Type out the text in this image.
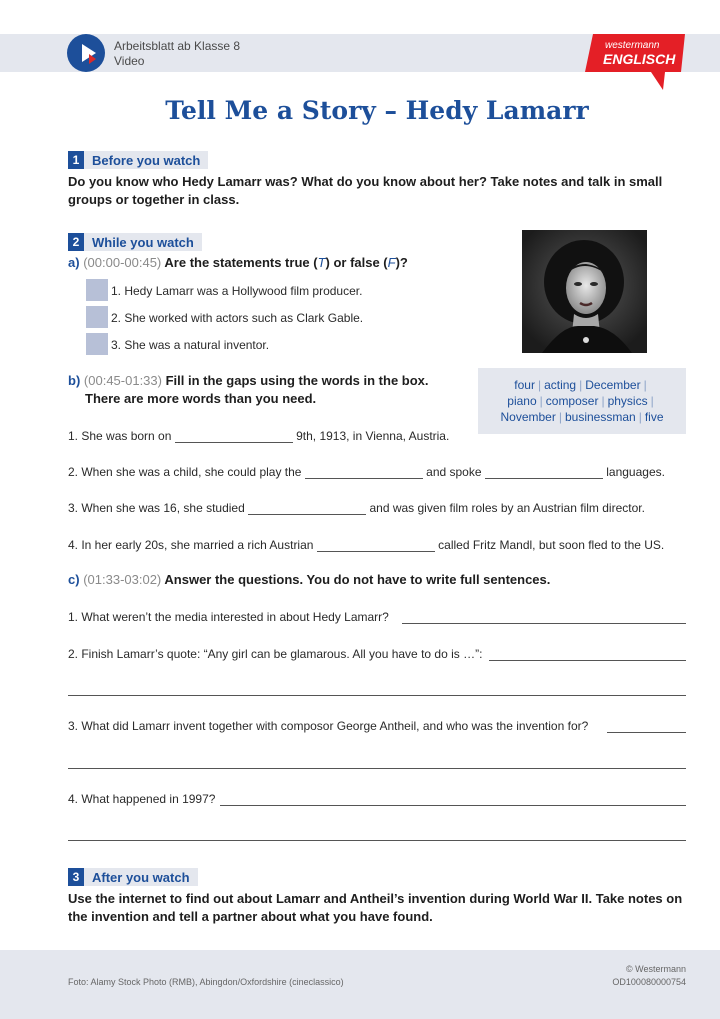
Arbeitsblatt ab Klasse 8
Video
westermann
ENGLISCH
Tell Me a Story – Hedy Lamarr
1 Before you watch
Do you know who Hedy Lamarr was? What do you know about her? Take notes and talk in small groups or together in class.
2 While you watch
a) (00:00-00:45) Are the statements true (T) or false (F)?
1. Hedy Lamarr was a Hollywood film producer.
2. She worked with actors such as Clark Gable.
3. She was a natural inventor.
b) (00:45-01:33) Fill in the gaps using the words in the box.
There are more words than you need.
four | acting | December |
piano | composer | physics |
November | businessman | five
1. She was born on	9th, 1913, in Vienna, Austria.
2. When she was a child, she could play the	and spoke	languages.
3. When she was 16, she studied	and was given film roles by an Austrian film director.
4. In her early 20s, she married a rich Austrian	called Fritz Mandl, but soon fled to the US.
c) (01:33-03:02) Answer the questions. You do not have to write full sentences.
1. What weren’t the media interested in about Hedy Lamarr?
2. Finish Lamarr’s quote: “Any girl can be glamarous. All you have to do is …”:
3. What did Lamarr invent together with composor George Antheil, and who was the invention for?
4. What happened in 1997?
3 After you watch
Use the internet to find out about Lamarr and Antheil’s invention during World War II. Take notes on the invention and tell a partner about what you have found.
Foto: Alamy Stock Photo (RMB), Abingdon/Oxfordshire (cineclassico)
© Westermann
OD100080000754
